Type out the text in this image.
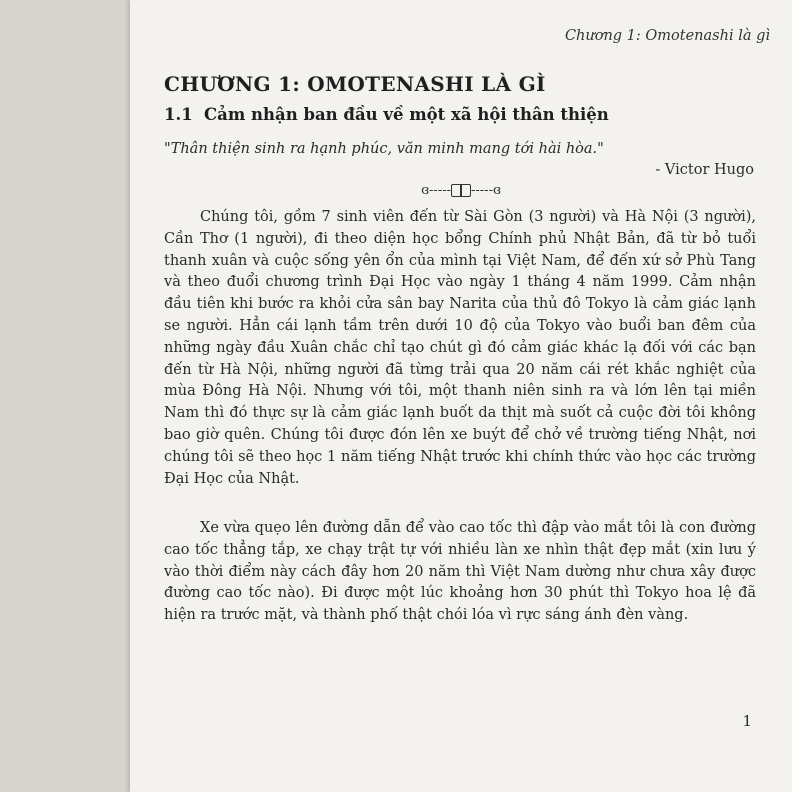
Chương 1: Omotenashi là gì
CHƯƠNG 1: OMOTENASHI LÀ GÌ
1.1 Cảm nhận ban đầu về một xã hội thân thiện
"Thân thiện sinh ra hạnh phúc, văn minh mang tới hài hòa."
- Victor Hugo
ɞ----- -----ɞ

Chúng tôi, gồm 7 sinh viên đến từ Sài Gòn (3 người) và Hà Nội (3 người), Cần Thơ (1 người), đi theo diện học bổng Chính phủ Nhật Bản, đã từ bỏ tuổi thanh xuân và cuộc sống yên ổn của mình tại Việt Nam, để đến xứ sở Phù Tang và theo đuổi chương trình Đại Học vào ngày 1 tháng 4 năm 1999. Cảm nhận đầu tiên khi bước ra khỏi cửa sân bay Narita của thủ đô Tokyo là cảm giác lạnh se người. Hẳn cái lạnh tầm trên dưới 10 độ của Tokyo vào buổi ban đêm của những ngày đầu Xuân chắc chỉ tạo chút gì đó cảm giác khác lạ đối với các bạn đến từ Hà Nội, những người đã từng trải qua 20 năm cái rét khắc nghiệt của mùa Đông Hà Nội. Nhưng với tôi, một thanh niên sinh ra và lớn lên tại miền Nam thì đó thực sự là cảm giác lạnh buốt da thịt mà suốt cả cuộc đời tôi không bao giờ quên. Chúng tôi được đón lên xe buýt để chở về trường tiếng Nhật, nơi chúng tôi sẽ theo học 1 năm tiếng Nhật trước khi chính thức vào học các trường Đại Học của Nhật.

Xe vừa quẹo lên đường dẫn để vào cao tốc thì đập vào mắt tôi là con đường cao tốc thẳng tắp, xe chạy trật tự với nhiều làn xe nhìn thật đẹp mắt (xin lưu ý vào thời điểm này cách đây hơn 20 năm thì Việt Nam dường như chưa xây được đường cao tốc nào). Đi được một lúc khoảng hơn 30 phút thì Tokyo hoa lệ đã hiện ra trước mặt, và thành phố thật chói lóa vì rực sáng ánh đèn vàng.

1
